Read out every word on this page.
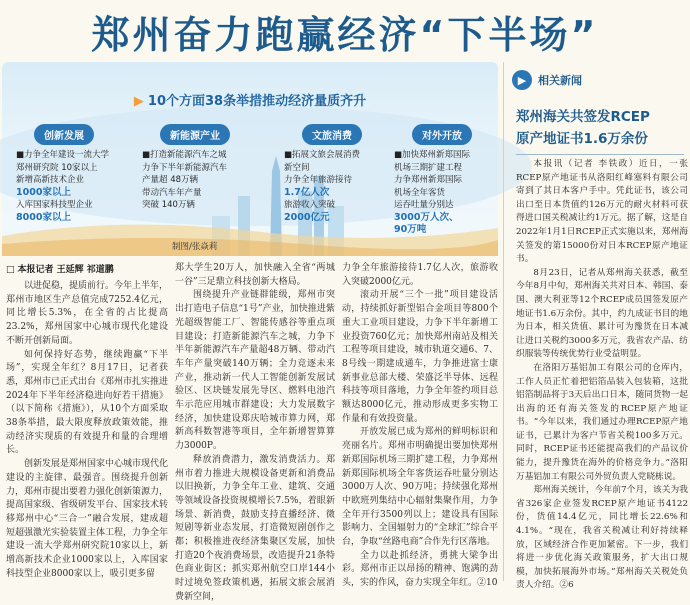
郑州奋力跑赢经济“下半场”
▶ 10个方面38条举措推动经济量质齐升
创新发展
■力争全年建设一流大学
郑州研究院 10家以上
新增高新技术企业
1000家以上
入库国家科技型企业
8000家以上
新能源产业
■打造新能源汽车之城
力争下半年新能源汽车
产量超 48万辆
带动汽车年产量
突破 140万辆
文旅消费
■拓展文旅会展消费
新空间
力争全年旅游接待
1.7亿人次
旅游收入突破
2000亿元
对外开放
■加快郑州新郑国际
机场三期扩建工程
力争郑州新郑国际
机场全年客货
运吞吐量分别达
3000万人次、
90万吨
制图/张焱莉
□ 本报记者 王延辉 祁道鹏

以进促稳，提质前行。今年上半年，郑州市地区生产总值完成7252.4亿元，同比增长5.3%，在全省的占比提高23.2%，郑州国家中心城市现代化建设不断开创新局面。

如何保持好态势，继续跑赢“下半场”，实现全年红？8月17日，记者获悉，郑州市已正式出台《郑州市扎实推进2024年下半年经济稳进向好若干措施》（以下简称《措施》），从10个方面采取38条举措，最大限度释放政策效能，推动经济实现质的有效提升和量的合理增长。

创新发展是郑州国家中心城市现代化建设的主旋律、最强音。围绕提升创新力，郑州市提出要着力强化创新策源力，提高国家级、省级研发平台、国家技术转移郑州中心“三合一”融合发展，建成超短超强激光实验装置主体工程，力争全年建设一流大学郑州研究院10家以上，新增高新技术企业1000家以上，入库国家科技型企业8000家以上，吸引更多留

郑大学生20万人，加快融入全省“两城一谷”三足鼎立科技创新大格局。

围绕提升产业链群能级，郑州市突出打造电子信息“1号”产业，加快推进紫光超级智能工厂、智能传感谷等重点项目建设；打造新能源汽车之城，力争下半年新能源汽车产量超48万辆、带动汽车年产量突破140万辆；全力竞逐未来产业，推动新一代人工智能创新发展试验区、区块链发展先导区、燃料电池汽车示范应用城市群建设；大力发展数字经济，加快建设郑庆哈城市算力网，郑新高科数智港等项目，全年新增智算算力3000P。

释放消费潜力，激发消费活力。郑州市着力推进大规模设备更新和消费品以旧换新，力争全年工业、建筑、交通等领域设备投资规模增长7.5%，着眼新场景、新消费，鼓励支持直播经济、微短剧等新业态发展，打造微短剧创作之都；积极推进夜经济集聚区发展，加快打造20个夜消费场景，改造提升21条特色商业街区；抓实郑州航空口岸144小时过境免签政策机遇，拓展文旅会展消费新空间，

力争全年旅游接待1.7亿人次，旅游收入突破2000亿元。

滚动开展“三个一批”项目建设活动，持续抓好新型铝合金项目等800个重大工业项目建设，力争下半年新增工业投资760亿元；加快郑州南站及相关工程等项目建设，城市轨道交通6、7、8号线一期建成通车，力争推进富士康新事业总部大楼、荣盛泛半导体、远程科技等项目落地，力争全年签约项目总额达8000亿元，推动形成更多实物工作量和有效投资量。

开放发展已成为郑州的鲜明标识和亮丽名片。郑州市明确提出要加快郑州新郑国际机场三期扩建工程，力争郑州新郑国际机场全年客货运吞吐量分别达3000万人次、90万吨；持续强化郑州中欧班列集结中心辐射集聚作用，力争全年开行3500列以上；建设具有国际影响力、全国辐射力的“全球汇”综合平台，争取“丝路电商”合作先行区落地。

全力以赴抓经济，勇挑大梁争出彩。郑州市正以昂扬的精神、饱满的劲头，实的作风，奋力实现全年红。②10

▶	相关新闻
郑州海关共签发RCEP
原产地证书1.6万余份

本报讯（记者 李铁政）近日，一张RCEP原产地证书从洛阳红峰塞料有限公司寄到了其日本客户手中。凭此证书，该公司出口至日本货值约126万元的耐火材料可获得进口国关税减让约1万元。据了解，这是自2022年1月1日RCEP正式实施以来，郑州海关签发的第15000份对日本RCEP原产地证书。

8月23日，记者从郑州海关获悉，截至今年8月中旬，郑州海关共对日本、韩国、泰国、澳大利亚等12个RCEP成员国签发原产地证书1.6万余份。其中，约九成证书目的地为日本，相关货值、累计可为豫货在日本减让进口关税约3000多万元，我省农产品、纺织服装等传统优势行业受益明显。

在洛阳万基铝加工有限公司的仓库内，工作人员正忙着把铝箔品装入包装箱，这批铝箔制品将于3天后出口日本，随同货物一起出海的还有海关签发的RCEP原产地证书。“今年以来，我们通过办理RCEP原产地证书，已累计为客户节省关税100多万元。同时，RCEP证书还能提高我们的产品议价能力，提升豫货在海外的价格竞争力。”洛阳万基铝加工有限公司外贸负责人党晓栋说。

郑州海关统计，今年前7个月，该关为我省326家企业签发RCEP原产地证书4122份，货值14.4亿元，同比增长22.6%和4.1%。“现在，我省关税减让利好持续释放，区域经济合作更加紧密。下一步，我们将进一步优化海关政策服务，扩大出口规模，加快拓展海外市场。”郑州海关关税处负责人介绍。②6
